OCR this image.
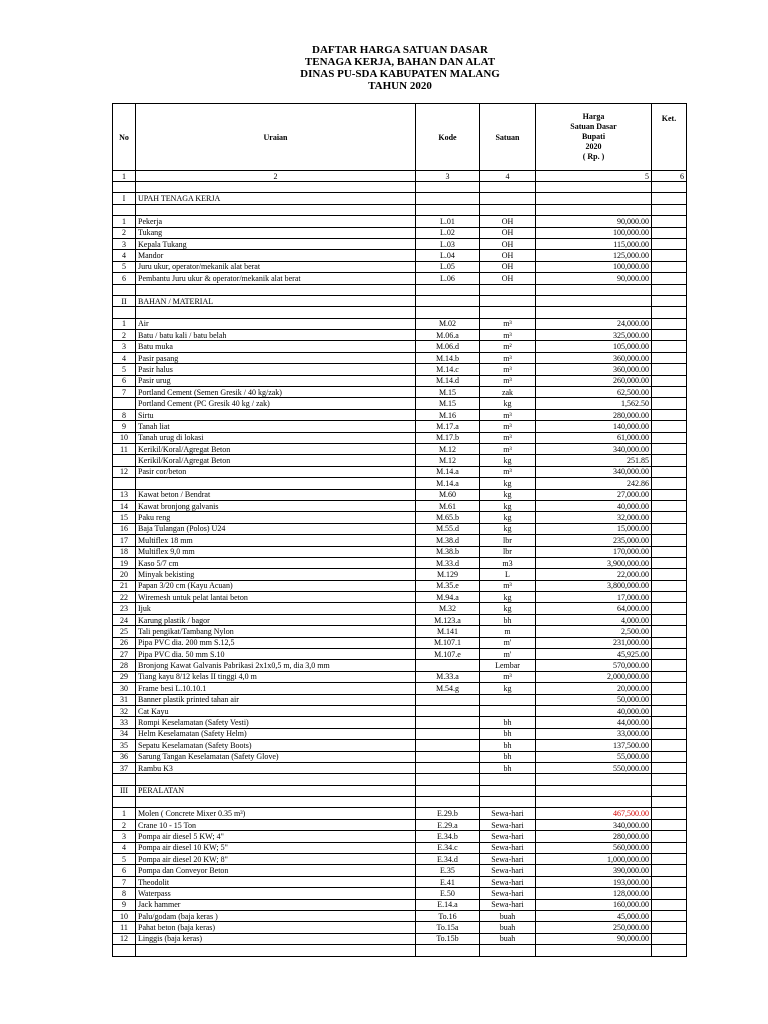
DAFTAR HARGA SATUAN DASAR
TENAGA KERJA, BAHAN DAN ALAT
DINAS PU-SDA KABUPATEN MALANG
TAHUN 2020
No	Uraian	Kode	Satuan	Harga
Satuan Dasar
Bupati
2020
( Rp. )	Ket.
1	2	3	4	5	6

I	UPAH TENAGA KERJA				

1	Pekerja	L.01	OH	90,000.00	
2	Tukang	L.02	OH	100,000.00	
3	Kepala Tukang	L.03	OH	115,000.00	
4	Mandor	L.04	OH	125,000.00	
5	Juru ukur, operator/mekanik alat berat	L.05	OH	100,000.00	
6	Pembantu Juru ukur & operator/mekanik alat berat	L.06	OH	90,000.00	

II	BAHAN / MATERIAL				

1	Air	M.02	m³	24,000.00	
2	Batu / batu kali / batu belah	M.06.a	m³	325,000.00	
3	Batu muka	M.06.d	m²	105,000.00	
4	Pasir pasang	M.14.b	m³	360,000.00	
5	Pasir halus	M.14.c	m³	360,000.00	
6	Pasir urug	M.14.d	m³	260,000.00	
7	Portland Cement (Semen Gresik / 40 kg/zak)	M.15	zak	62,500.00	
	Portland Cement (PC Gresik 40 kg / zak)	M.15	kg	1,562.50	
8	Sirtu	M.16	m³	280,000.00	
9	Tanah liat	M.17.a	m³	140,000.00	
10	Tanah urug di lokasi	M.17.b	m³	61,000.00	
11	Kerikil/Koral/Agregat Beton	M.12	m³	340,000.00	
	Kerikil/Koral/Agregat Beton	M.12	kg	251.85	
12	Pasir cor/beton	M.14.a	m³	340,000.00	
		M.14.a	kg	242.86	
13	Kawat beton / Bendrat	M.60	kg	27,000.00	
14	Kawat bronjong galvanis	M.61	kg	40,000.00	
15	Paku reng	M.65.b	kg	32,000.00	
16	Baja Tulangan (Polos) U24	M.55.d	kg	15,000.00	
17	Multiflex 18 mm	M.38.d	lbr	235,000.00	
18	Multiflex 9,0 mm	M.38.b	lbr	170,000.00	
19	Kaso 5/7 cm	M.33.d	m3	3,900,000.00	
20	Minyak bekisting	M.129	L	22,000.00	
21	Papan 3/20 cm (Kayu Acuan)	M.35.e	m³	3,800,000.00	
22	Wiremesh untuk pelat lantai beton	M.94.a	kg	17,000.00	
23	Ijuk	M.32	kg	64,000.00	
24	Karung plastik / bagor	M.123.a	bh	4,000.00	
25	Tali pengikat/Tambang Nylon	M.141	m	2,500.00	
26	Pipa PVC dia. 200 mm S.12,5	M.107.1	m'	231,000.00	
27	Pipa PVC dia. 50 mm S.10	M.107.e	m'	45,925.00	
28	Bronjong Kawat Galvanis Pabrikasi 2x1x0,5 m, dia 3,0 mm		Lembar	570,000.00	
29	Tiang kayu 8/12 kelas II tinggi 4,0 m	M.33.a	m³	2,000,000.00	
30	Frame besi L.10.10.1	M.54.g	kg	20,000.00	
31	Banner plastik printed tahan air			50,000.00	
32	Cat Kayu			40,000.00	
33	Rompi Keselamatan (Safety Vesti)		bh	44,000.00	
34	Helm Keselamatan (Safety Helm)		bh	33,000.00	
35	Sepatu Keselamatan (Safety Boots)		bh	137,500.00	
36	Sarung Tangan Keselamatan (Safety Glove)		bh	55,000.00	
37	Rambu K3		bh	550,000.00	

III	PERALATAN				

1	Molen ( Concrete Mixer 0.35 m³)	E.29.b	Sewa-hari	467,500.00	
2	Crane 10 - 15 Ton	E.29.a	Sewa-hari	340,000.00	
3	Pompa air diesel 5 KW; 4"	E.34.b	Sewa-hari	280,000.00	
4	Pompa air diesel 10 KW; 5"	E.34.c	Sewa-hari	560,000.00	
5	Pompa air diesel 20 KW; 8"	E.34.d	Sewa-hari	1,000,000.00	
6	Pompa dan Conveyor Beton	E.35	Sewa-hari	390,000.00	
7	Theodolit	E.41	Sewa-hari	193,000.00	
8	Waterpass	E.50	Sewa-hari	128,000.00	
9	Jack hammer	E.14.a	Sewa-hari	160,000.00	
10	Palu/godam (baja keras )	To.16	buah	45,000.00	
11	Pahat beton (baja keras)	To.15a	buah	250,000.00	
12	Linggis (baja keras)	To.15b	buah	90,000.00	
